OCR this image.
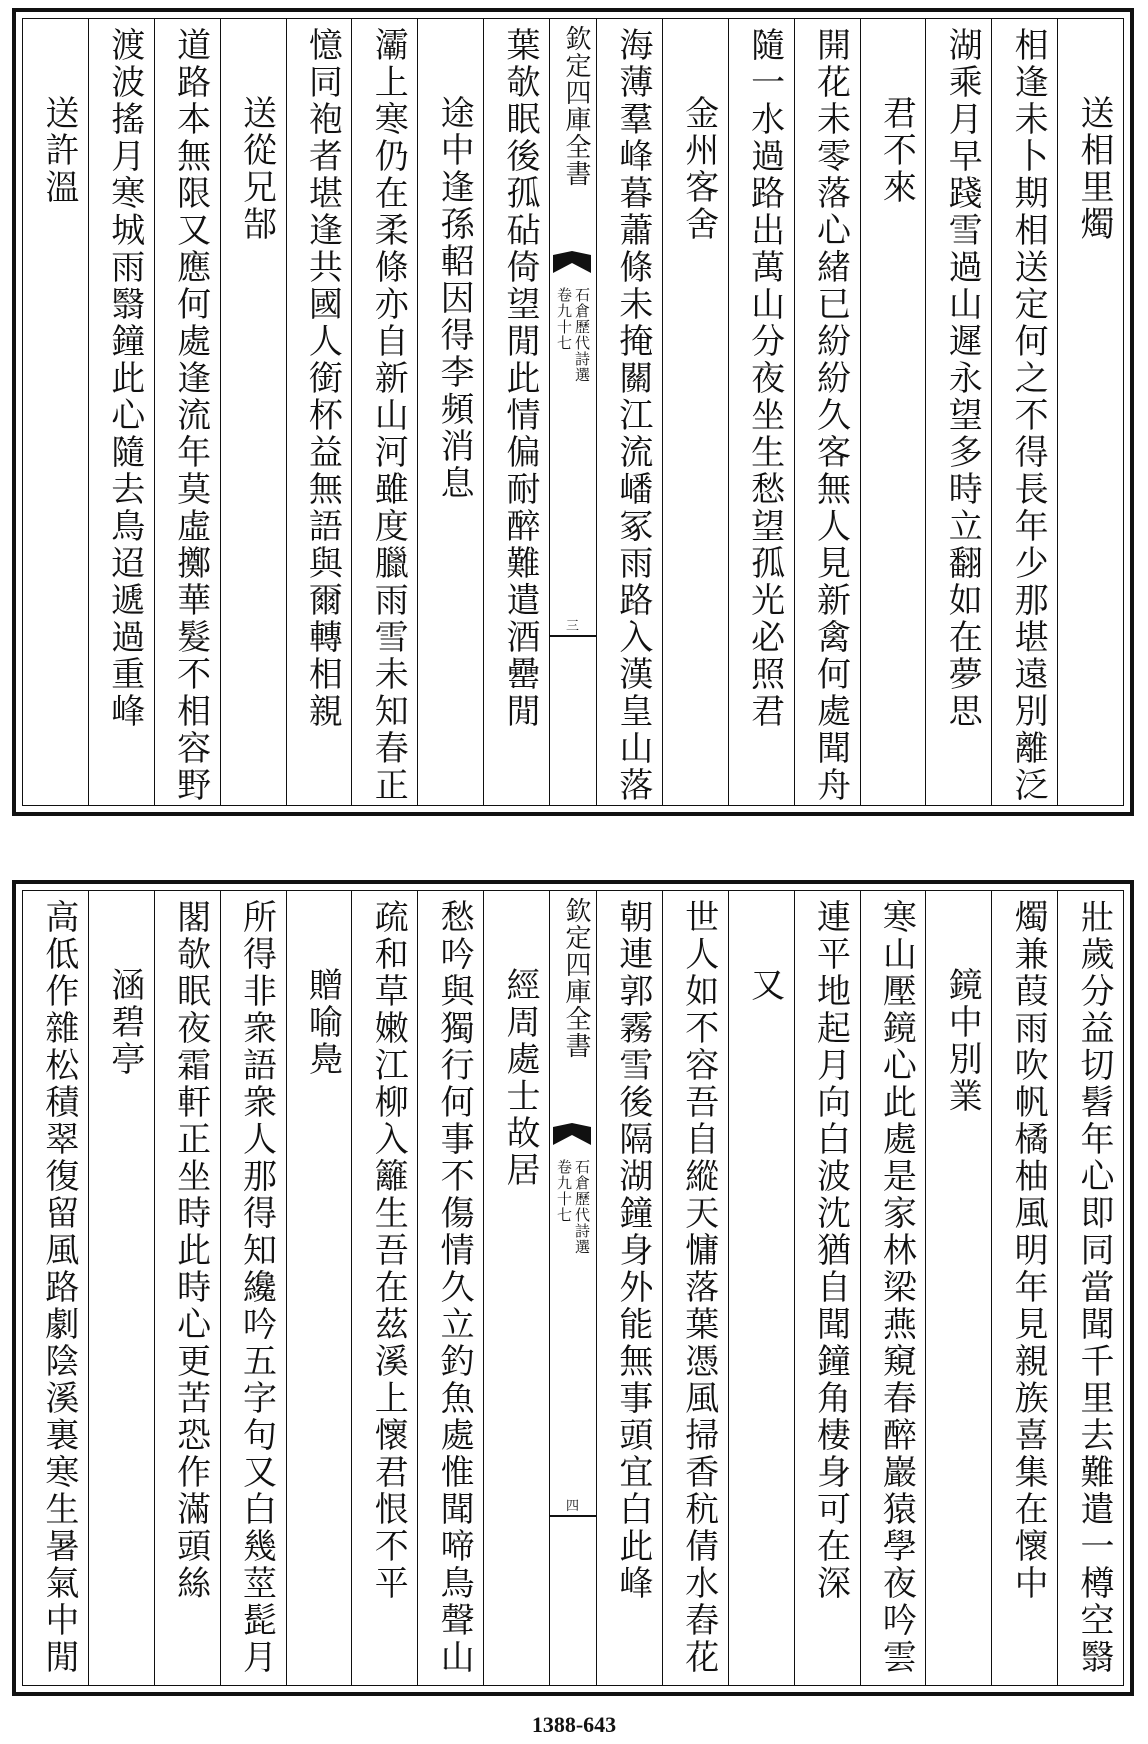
送相里燭
相逢未卜期相送定何之不得長年少那堪遠別離泛
湖乘月早踐雪過山遲永望多時立翻如在夢思
君不來
開花未零落心緒已紛紛久客無人見新禽何處聞舟
隨一水過路出萬山分夜坐生愁望孤光必照君
金州客舍
海薄羣峰暮蕭條未掩關江流嶓冢雨路入漢皇山落
欽定四庫全書
石倉歷代詩選
卷九十七
三
葉欹眠後孤砧倚望閒此情偏耐醉難遣酒罍閒
途中逢孫軺因得李頻消息
灞上寒仍在柔條亦自新山河雖度臘雨雪未知春正
憶同袍者堪逢共國人銜杯益無語與爾轉相親
送從兄郜
道路本無限又應何處逢流年莫虛擲華髮不相容野
渡波搖月寒城雨翳鐘此心隨去鳥迢遞過重峰
送許溫
壯歲分益切髫年心即同當聞千里去難遣一樽空翳
燭兼葭雨吹帆橘柚風明年見親族喜集在懷中
鏡中別業
寒山壓鏡心此處是家林梁燕窺春醉巖猿學夜吟雲
連平地起月向白波沈猶自聞鐘角棲身可在深
又
世人如不容吾自縱天慵落葉憑風掃香秔倩水舂花
朝連郭霧雪後隔湖鐘身外能無事頭宜白此峰
欽定四庫全書
石倉歷代詩選
卷九十七
四
經周處士故居
愁吟與獨行何事不傷情久立釣魚處惟聞啼鳥聲山
疏和草嫩江柳入籬生吾在茲溪上懷君恨不平
贈喻鳧
所得非衆語衆人那得知纔吟五字句又白幾莖髭月
閣欹眠夜霜軒正坐時此時心更苦恐作滿頭絲
涵碧亭
高低作雜松積翠復留風路劇陰溪裏寒生暑氣中閒
1388-643
